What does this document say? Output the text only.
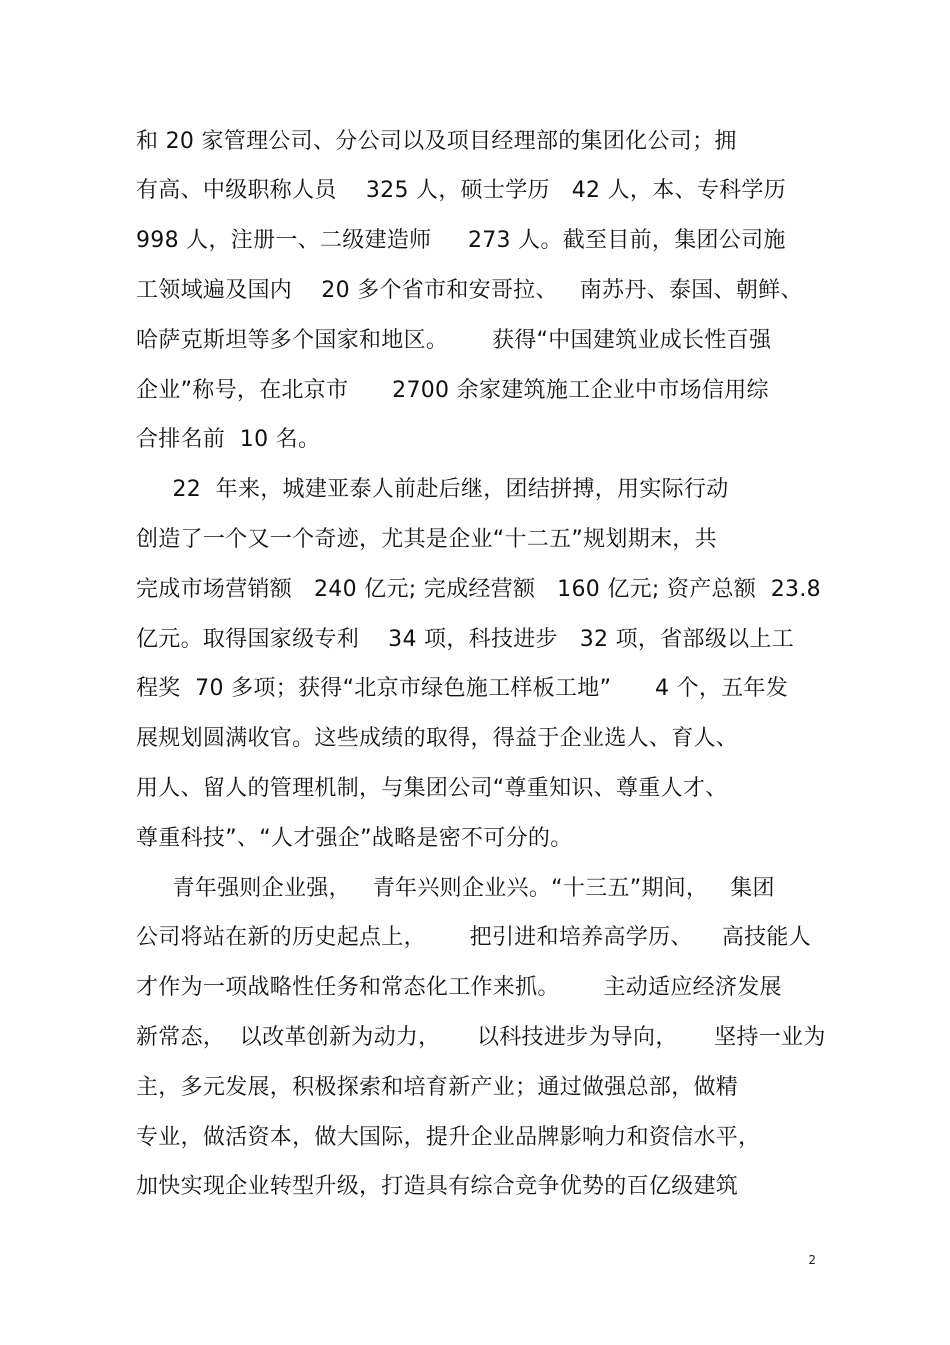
和 20 家管理公司、分公司以及项目经理部的集团化公司；拥
有高、中级职称人员    325 人，硕士学历   42 人，本、专科学历
998 人，注册一、二级建造师     273 人。截至目前，集团公司施
工领域遍及国内    20 多个省市和安哥拉、   南苏丹、泰国、朝鲜、
哈萨克斯坦等多个国家和地区。      获得“中国建筑业成长性百强
企业”称号，在北京市      2700 余家建筑施工企业中市场信用综
合排名前  10 名。
22  年来，城建亚泰人前赴后继，团结拼搏，用实际行动
创造了一个又一个奇迹，尤其是企业“十二五”规划期末，共
完成市场营销额   240 亿元; 完成经营额   160 亿元; 资产总额  23.8
亿元。取得国家级专利    34 项，科技进步   32 项，省部级以上工
程奖  70 多项；获得“北京市绿色施工样板工地”      4 个，五年发
展规划圆满收官。这些成绩的取得，得益于企业选人、育人、
用人、留人的管理机制，与集团公司“尊重知识、尊重人才、
尊重科技”、“人才强企”战略是密不可分的。
青年强则企业强，   青年兴则企业兴。“十三五”期间，   集团
公司将站在新的历史起点上，      把引进和培养高学历、    高技能人
才作为一项战略性任务和常态化工作来抓。      主动适应经济发展
新常态，  以改革创新为动力，     以科技进步为导向，     坚持一业为
主，多元发展，积极探索和培育新产业；通过做强总部，做精
专业，做活资本，做大国际，提升企业品牌影响力和资信水平，
加快实现企业转型升级，打造具有综合竞争优势的百亿级建筑
2
